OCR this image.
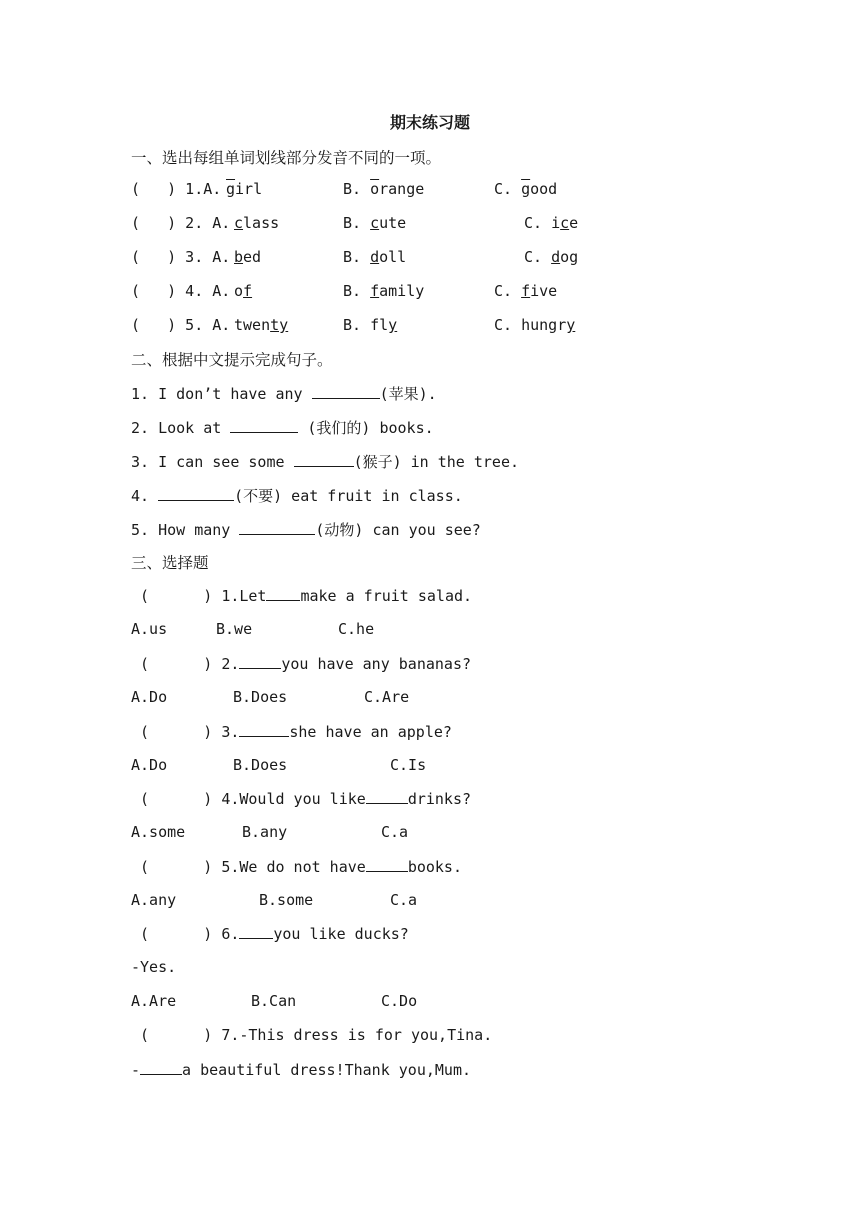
期末练习题
一、选出每组单词划线部分发音不同的一项。
(   ) 1.A. $\overline{g}irl$	B. $\overline{o}range$	C. $\overline{g}ood$
(   ) 2. A. class	B. cute	C. ice
(   ) 3. A. bed	B. doll	C. dog
(   ) 4. A. of	B. family	C. five
(   ) 5. A. twenty	B. fly	C. hungry
二、根据中文提示完成句子。
1. I don’t have any	(苹果).
2. Look at	(我们的) books.
3. I can see some	(猴子) in the tree.
4.	(不要) eat fruit in class.
5. How many	(动物) can you see?
三、选择题
(      ) 1.Let make a fruit salad.
A.us	B.we	C.he
(      ) 2.	you have any bananas?
A.Do	B.Does	C.Are
(      ) 3.	she have an apple?
A.Do	B.Does	C.Is
(      ) 4.Would you like	drinks?
A.some	B.any	C.a
(      ) 5.We do not have	books.
A.any	B.some	C.a
(      ) 6. you like ducks?
-Yes.
A.Are	B.Can	C.Do
(      ) 7.-This dress is for you,Tina.
-	a beautiful dress!Thank you,Mum.
